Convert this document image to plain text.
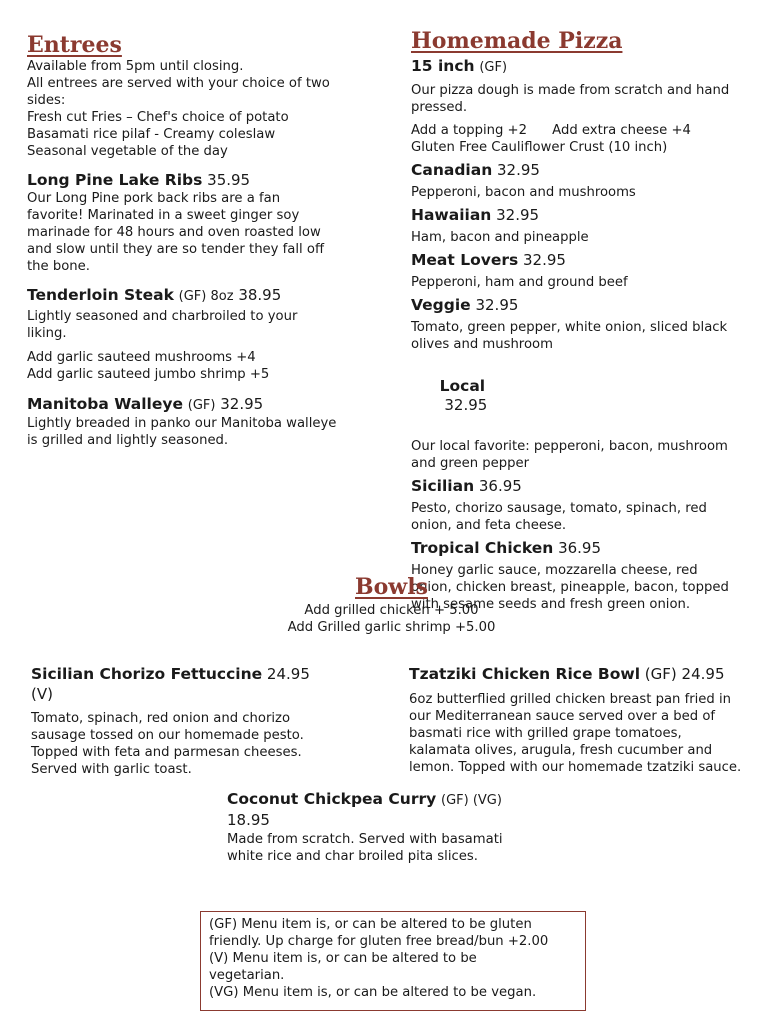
Entrees
Available from 5pm until closing.
All entrees are served with your choice of two
sides:
Fresh cut Fries – Chef's choice of potato
Basamati rice pilaf - Creamy coleslaw
Seasonal vegetable of the day
Long Pine Lake Ribs 35.95
Our Long Pine pork back ribs are a fan
favorite! Marinated in a sweet ginger soy
marinade for 48 hours and oven roasted low
and slow until they are so tender they fall off
the bone.
Tenderloin Steak (GF) 8oz 38.95
Lightly seasoned and charbroiled to your
liking.
Add garlic sauteed mushrooms +4
Add garlic sauteed jumbo shrimp +5
Manitoba Walleye (GF) 32.95
Lightly breaded in panko our Manitoba walleye
is grilled and lightly seasoned.
Homemade Pizza
15 inch (GF)
Our pizza dough is made from scratch and hand
pressed.
Add a topping +2      Add extra cheese +4
Gluten Free Cauliflower Crust (10 inch)
Canadian 32.95
Pepperoni, bacon and mushrooms
Hawaiian 32.95
Ham, bacon and pineapple
Meat Lovers 32.95
Pepperoni, ham and ground beef
Veggie 32.95
Tomato, green pepper, white onion, sliced black
olives and mushroom

Local
32.95

Our local favorite: pepperoni, bacon, mushroom
and green pepper
Sicilian 36.95
Pesto, chorizo sausage, tomato, spinach, red
onion, and feta cheese.
Tropical Chicken 36.95
Honey garlic sauce, mozzarella cheese, red
onion, chicken breast, pineapple, bacon, topped
with sesame seeds and fresh green onion.
Bowls
Add grilled chicken + 5.00
Add Grilled garlic shrimp +5.00
Sicilian Chorizo Fettuccine 24.95
(V)
Tomato, spinach, red onion and chorizo
sausage tossed on our homemade pesto.
Topped with feta and parmesan cheeses.
Served with garlic toast.
Tzatziki Chicken Rice Bowl (GF) 24.95
6oz butterflied grilled chicken breast pan fried in
our Mediterranean sauce served over a bed of
basmati rice with grilled grape tomatoes,
kalamata olives, arugula, fresh cucumber and
lemon. Topped with our homemade tzatziki sauce.
Coconut Chickpea Curry (GF) (VG)
18.95
Made from scratch. Served with basamati
white rice and char broiled pita slices.
(GF) Menu item is, or can be altered to be gluten
friendly. Up charge for gluten free bread/bun +2.00
(V) Menu item is, or can be altered to be
vegetarian.
(VG) Menu item is, or can be altered to be vegan.
